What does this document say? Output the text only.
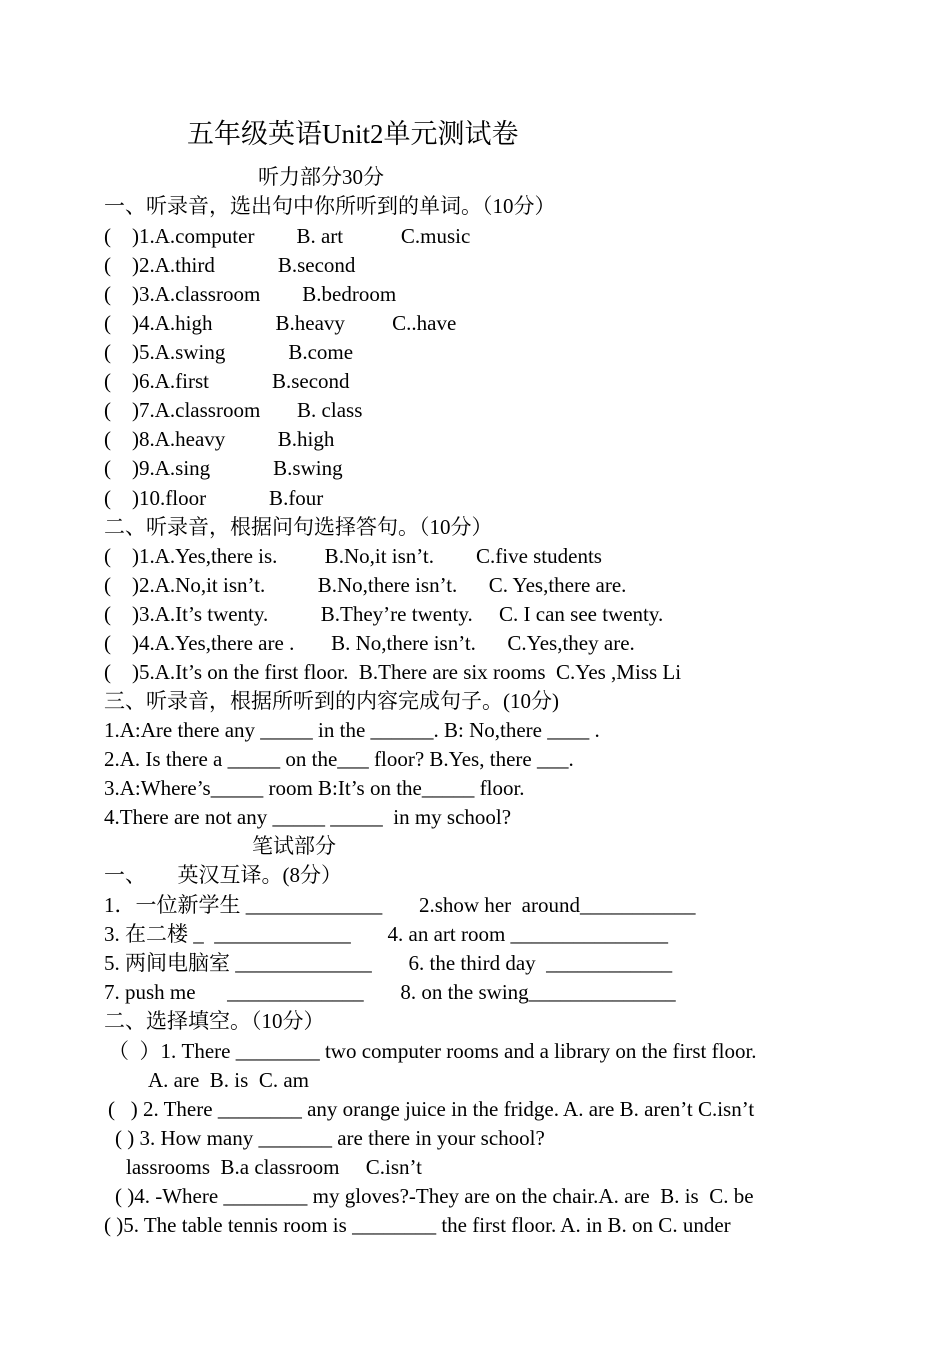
五年级英语Unit2单元测试卷
听力部分30分
一、听录音，选出句中你所听到的单词。（10分）
(    )1.A.computer        B. art           C.music
(    )2.A.third            B.second
(    )3.A.classroom        B.bedroom
(    )4.A.high            B.heavy         C..have
(    )5.A.swing            B.come
(    )6.A.first            B.second
(    )7.A.classroom       B. class
(    )8.A.heavy          B.high
(    )9.A.sing            B.swing
(    )10.floor            B.four
二、听录音，根据问句选择答句。（10分）
(    )1.A.Yes,there is.         B.No,it isn’t.        C.five students
(    )2.A.No,it isn’t.          B.No,there isn’t.      C. Yes,there are.
(    )3.A.It’s twenty.          B.They’re twenty.     C. I can see twenty.
(    )4.A.Yes,there are .       B. No,there isn’t.      C.Yes,they are.
(    )5.A.It’s on the first floor.  B.There are six rooms  C.Yes ,Miss Li
三、听录音，根据所听到的内容完成句子。(10分)
1.A:Are there any _____ in the ______. B: No,there ____ .
2.A. Is there a _____ on the___ floor? B.Yes, there ___.
3.A:Where’s_____ room B:It’s on the_____ floor.
4.There are not any _____ _____  in my school?
笔试部分
一、      英汉互译。(8分）
1．一位新学生 _____________       2.show her  around___________
3. 在二楼 _  _____________       4. an art room _______________
5. 两间电脑室 _____________       6. the third day  ____________
7. push me      _____________       8. on the swing______________
二、选择填空。（10分）
（  ）1. There ________ two computer rooms and a library on the first floor.
A. are  B. is  C. am
(   ) 2. There ________ any orange juice in the fridge. A. are B. aren’t C.isn’t
( ) 3. How many _______ are there in your school?
lassrooms  B.a classroom     C.isn’t
( )4. -Where ________ my gloves?-They are on the chair.A. are  B. is  C. be
( )5. The table tennis room is ________ the first floor. A. in B. on C. under
